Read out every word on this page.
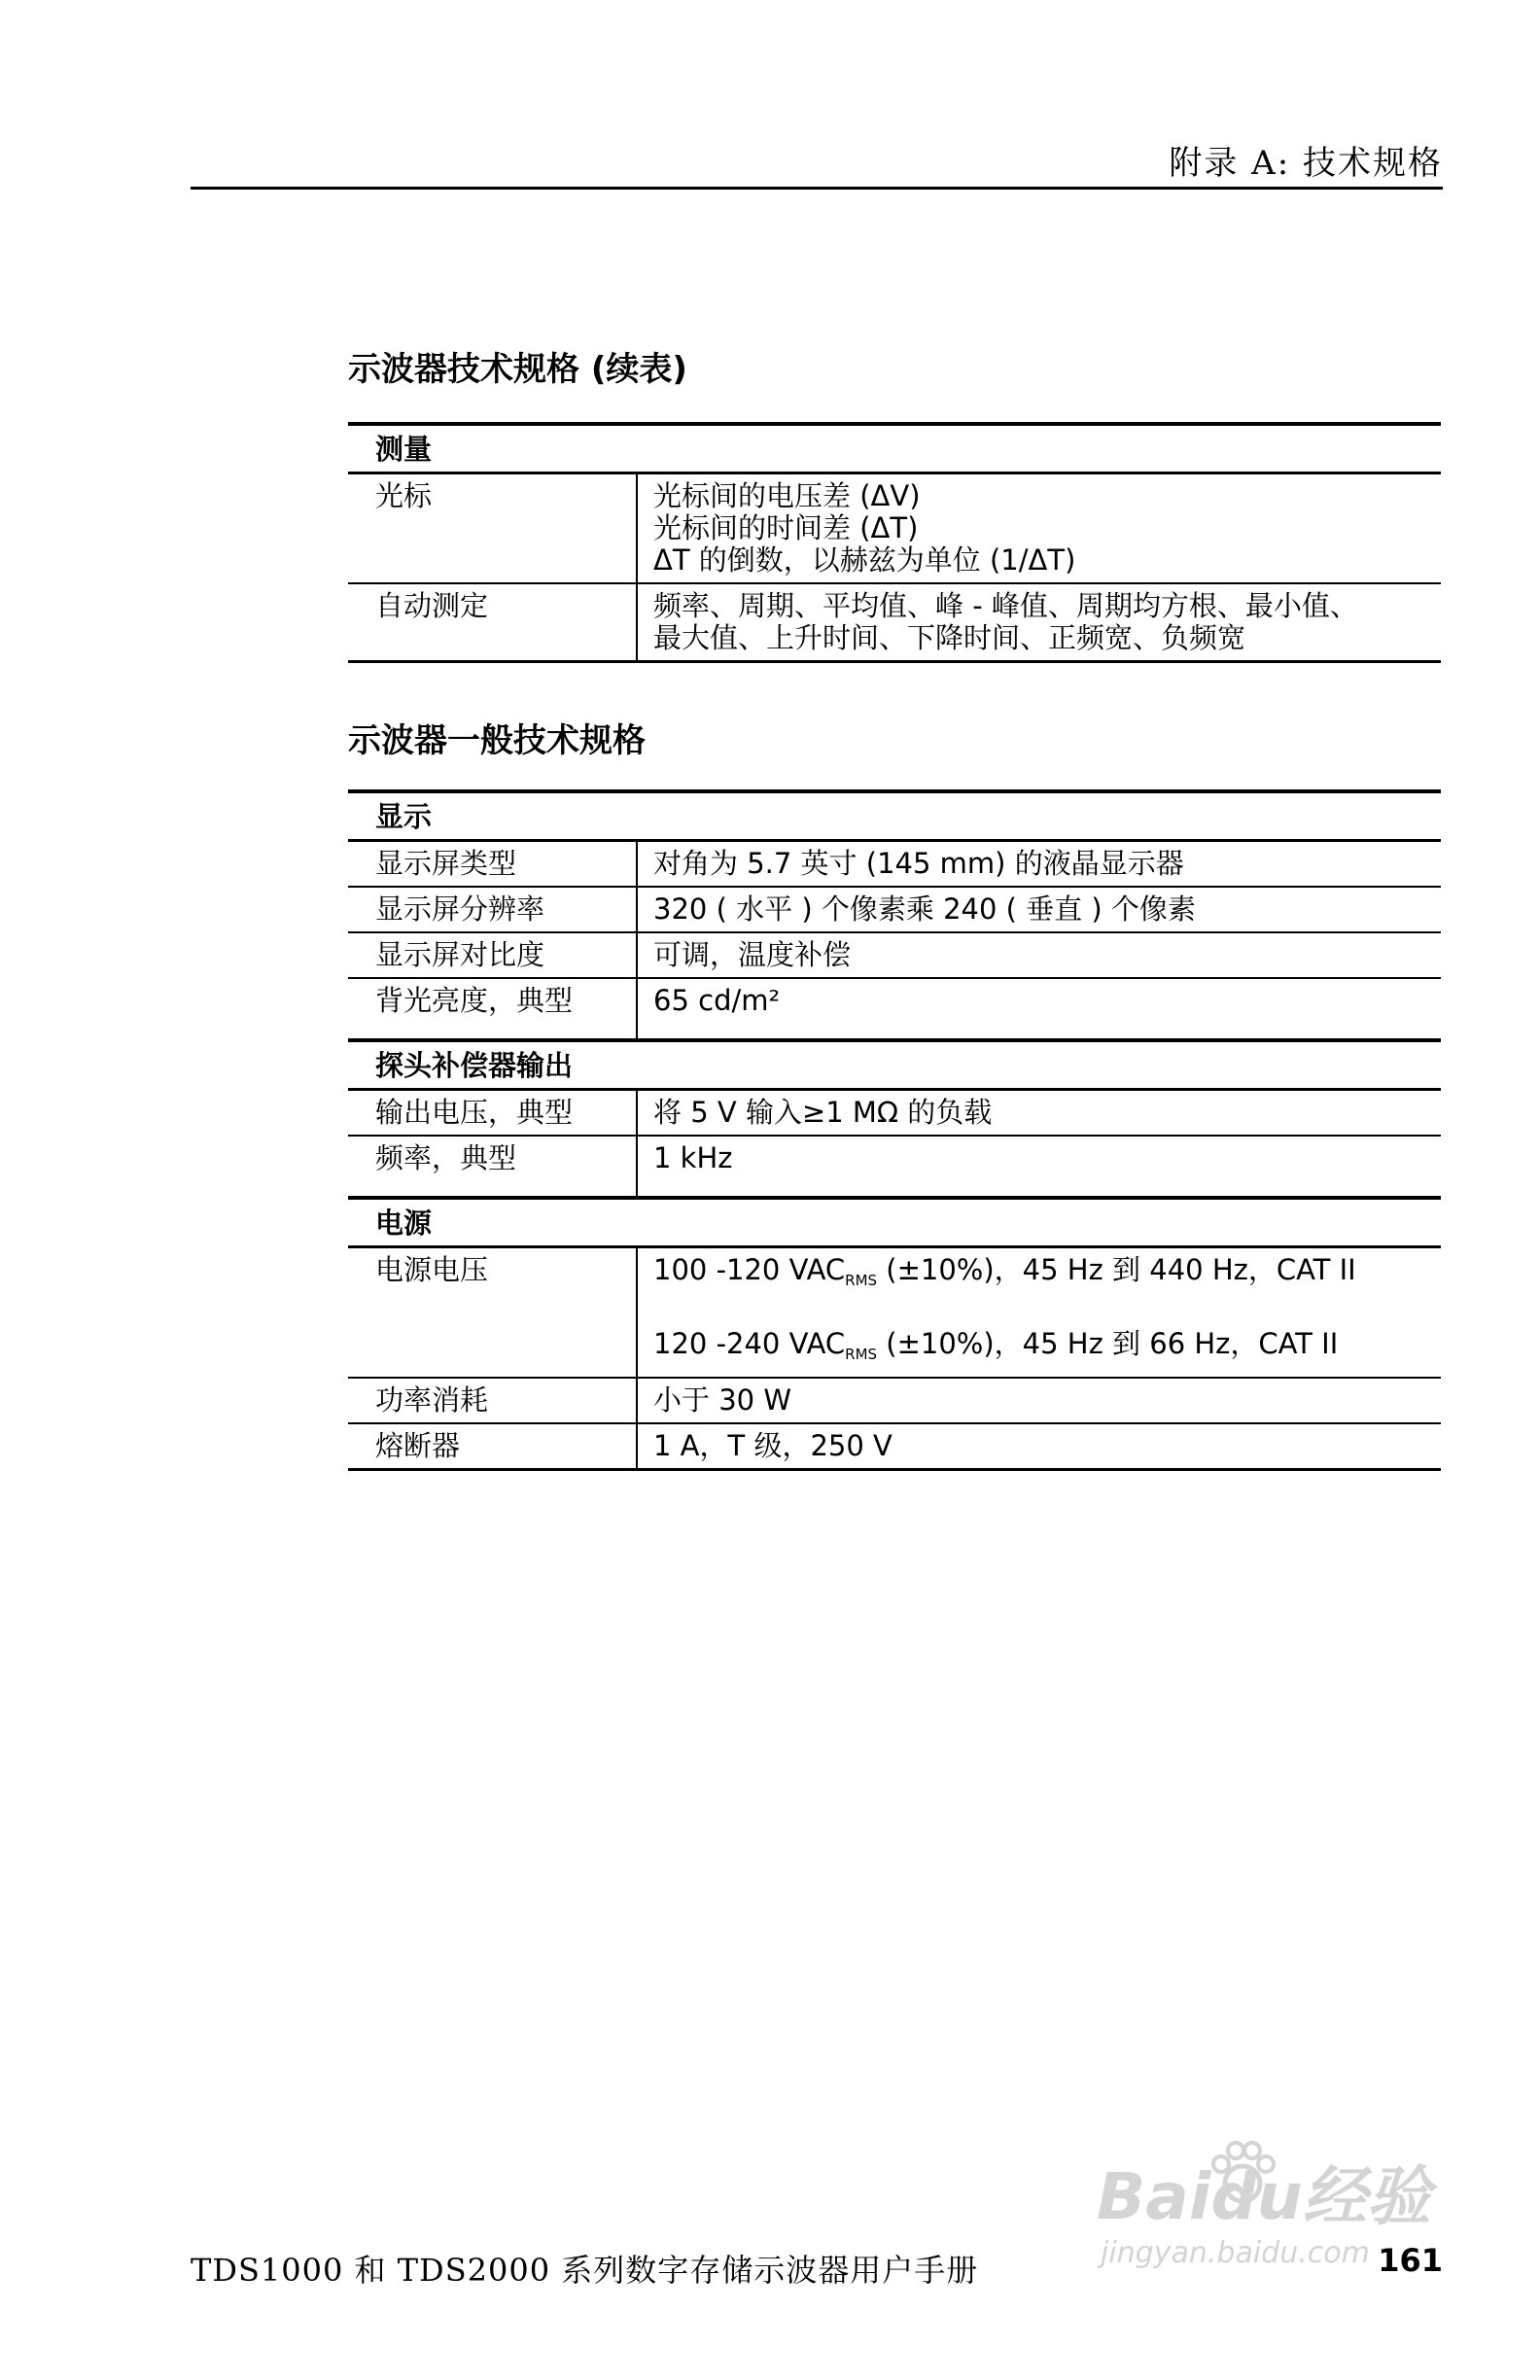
附录 A: 技术规格
示波器技术规格 (续表)
测量	
光标	光标间的电压差 (ΔV)
光标间的时间差 (ΔT)
ΔT 的倒数，以赫兹为单位 (1/ΔT)

自动测定	频率、周期、平均值、峰 - 峰值、周期均方根、最小值、
最大值、上升时间、下降时间、正频宽、负频宽
示波器一般技术规格
显示	
显示屏类型	对角为 5.7 英寸 (145 mm) 的液晶显示器
显示屏分辨率	320 ( 水平 ) 个像素乘 240 ( 垂直 ) 个像素
显示屏对比度	可调，温度补偿
背光亮度，典型	65 cd/m²
探头补偿器输出	
输出电压，典型	将 5 V 输入≥1 MΩ 的负载
频率，典型	1 kHz
电源	
电源电压	100 -120 $VAC_{RMS}$ (±10%)，45 Hz 到 440 Hz，CAT II
120 -240 $VAC_{RMS}$ (±10%)，45 Hz 到 66 Hz，CAT II

功率消耗	小于 30 W
熔断器	1 A，T 级，250 V
Baidu经验
jingyan.baidu.com
TDS1000 和 TDS2000 系列数字存储示波器用户手册	161
